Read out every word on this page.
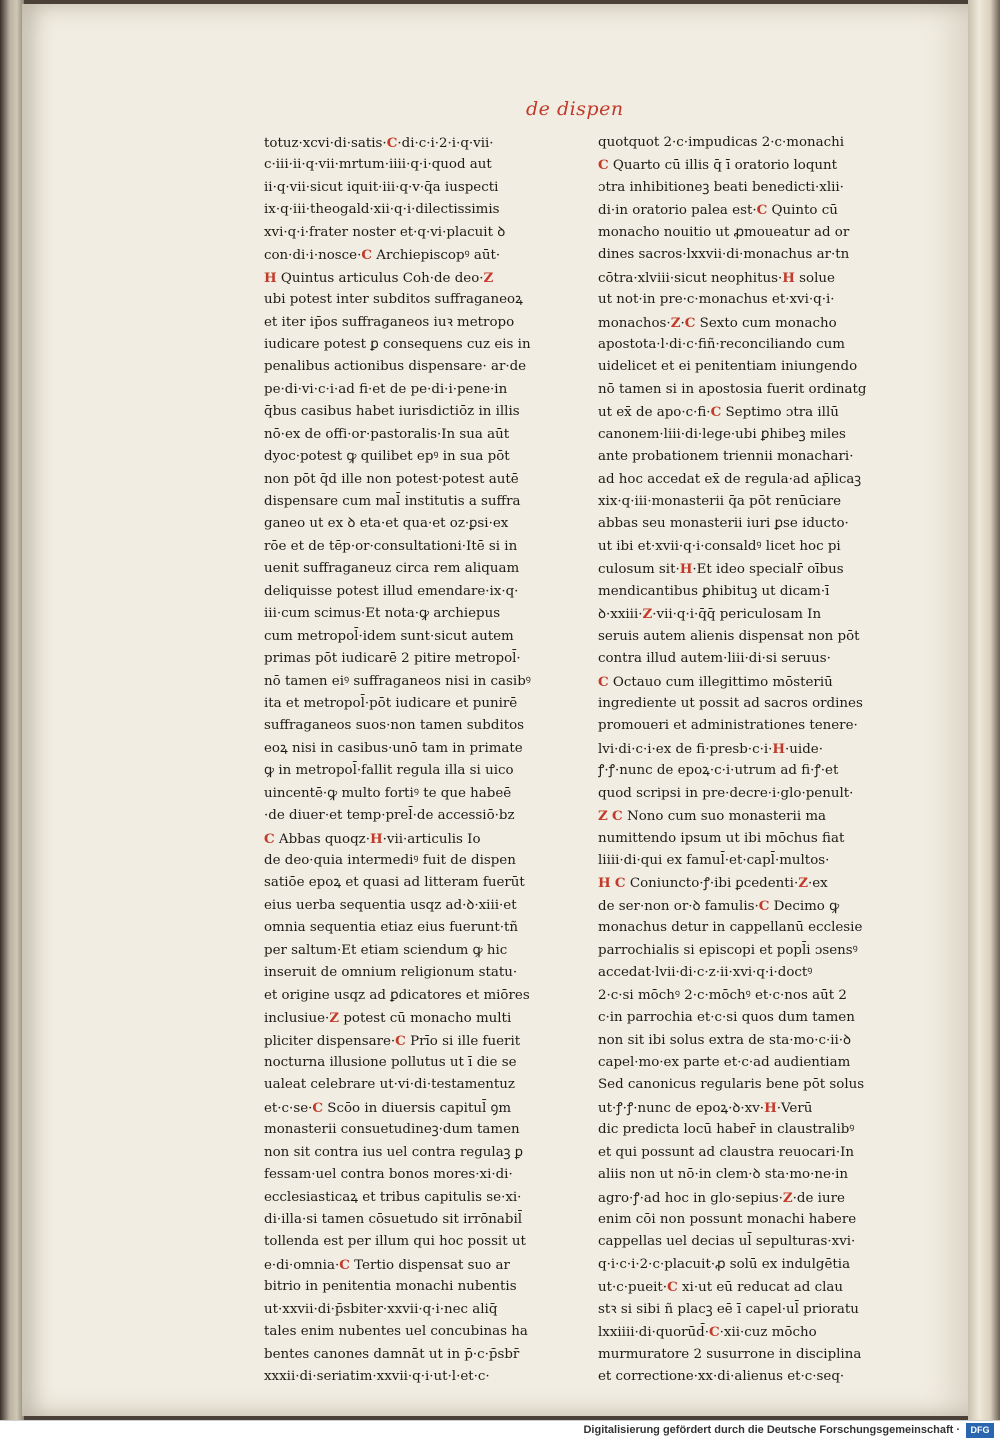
de dispen
totuz·xcvi·di·satis·C·di·c·i·2·i·q·vii·
c·iii·ii·q·vii·mrtum·iiii·q·i·quod aut
ii·q·vii·sicut iquit·iii·q·v·q̄a iuspecti
ix·q·iii·theogald·xii·q·i·dilectissimis
xvi·q·i·frater noster et·q·vi·placuit ꝺ
con·di·i·nosce·C Archiepiscopꝰ aūt·
H Quintus articulus Coh·de deo·Z
ubi potest inter subditos suffraganeoꝝ
et iter ip̄os suffraganeos iuꝛ metropo
iudicare potest ꝑ consequens cuz eis in
penalibus actionibus dispensare· ar·de
pe·di·vi·c·i·ad fi·et de pe·di·i·pene·in
q̄bus casibus habet iurisdictiōz in illis
nō·ex de offi·or·pastoralis·In sua aūt
dyoc·potest ꝙ quilibet epꝰ in sua pōt
non pōt q̄d ille non potest·potest autē
dispensare cum mal̄ institutis a suffra
ganeo ut ex ꝺ eta·et qua·et oz·ꝑsi·ex
rōe et de tēp·or·consultationi·Itē si in
uenit suffraganeuz circa rem aliquam
deliquisse potest illud emendare·ix·q·
iii·cum scimus·Et nota·ꝙ archiepus
cum metropol̄·idem sunt·sicut autem
primas pōt iudicarē 2 pitire metropol̄·
nō tamen eiꝰ suffraganeos nisi in casibꝰ
ita et metropol̄·pōt iudicare et punirē
suffraganeos suos·non tamen subditos
eoꝝ nisi in casibus·unō tam in primate
ꝙ in metropol̄·fallit regula illa si uico
uincentē·ꝙ multo fortiꝰ te que habeē
·de diuer·et temp·prel̄·de accessiō·bz
C Abbas quoqz·H·vii·articulis Io
de deo·quia intermediꝰ fuit de dispen
satiōe epoꝝ et quasi ad litteram fuerūt
eius uerba sequentia usqz ad·ꝺ·xiii·et
omnia sequentia etiaz eius fuerunt·tñ
per saltum·Et etiam sciendum ꝙ hic
inseruit de omnium religionum statu·
et origine usqz ad ꝑdicatores et miōres
inclusiue·Z potest cū monacho multi
pliciter dispensare·C Prīo si ille fuerit
nocturna illusione pollutus ut ī die se
ualeat celebrare ut·vi·di·testamentuz
et·c·se·C Scōo in diuersis capitul̄ ꝯm
monasterii consuetudineꝫ·dum tamen
non sit contra ius uel contra regulaꝫ ꝑ
fessam·uel contra bonos mores·xi·di·
ecclesiasticaꝝ et tribus capitulis se·xi·
di·illa·si tamen cōsuetudo sit irrōnabil̄
tollenda est per illum qui hoc possit ut
e·di·omnia·C Tertio dispensat suo ar
bitrio in penitentia monachi nubentis
ut·xxvii·di·p̄sbiter·xxvii·q·i·nec aliq̄
tales enim nubentes uel concubinas ha
bentes canones damnāt ut in p̄·c·p̄sbr̄
xxxii·di·seriatim·xxvii·q·i·ut·l·et·c·
quotquot 2·c·impudicas 2·c·monachi
C Quarto cū illis q̄ ī oratorio loqunt
ɔtra inhibitioneꝫ beati benedicti·xlii·
di·in oratorio palea est·C Quinto cū
monacho nouitio ut ꝓmoueatur ad or
dines sacros·lxxvii·di·monachus ar·tn
cōtra·xlviii·sicut neophitus·H solue
ut not·in pre·c·monachus et·xvi·q·i·
monachos·Z·C Sexto cum monacho
apostota·l·di·c·fiñ·reconciliando cum
uidelicet et ei penitentiam iniungendo
nō tamen si in apostosia fuerit ordinatg
ut ex̄ de apo·c·fi·C Septimo ɔtra illū
canonem·liii·di·lege·ubi ꝑhibeꝫ miles
ante probationem triennii monachari·
ad hoc accedat ex̄ de regula·ad ap̄licaꝫ
xix·q·iii·monasterii q̄a pōt renūciare
abbas seu monasterii iuri ꝑse iducto·
ut ibi et·xvii·q·i·consaldꝰ licet hoc pi
culosum sit·H·Et ideo specialr̄ oībus
mendicantibus ꝑhibituꝫ ut dicam·ī
ꝺ·xxiii·Z·vii·q·i·q̄q̄ periculosam In
seruis autem alienis dispensat non pōt
contra illud autem·liii·di·si seruus·
C Octauo cum illegittimo mōsteriū
ingrediente ut possit ad sacros ordines
promoueri et administrationes tenere·
lvi·di·c·i·ex de fi·presb·c·i·H·uide·
ꝭ·ꝭ·nunc de epoꝝ·c·i·utrum ad fi·ꝭ·et
quod scripsi in pre·decre·i·glo·penult·
Z C Nono cum suo monasterii ma
numittendo ipsum ut ibi mōchus fiat
liiii·di·qui ex famul̄·et·capl̄·multos·
H C Coniuncto·ꝭ·ibi ꝑcedenti·Z·ex
de ser·non or·ꝺ famulis·C Decimo ꝙ
monachus detur in cappellanū ecclesie
parrochialis si episcopi et popl̄i ɔsensꝰ
accedat·lvii·di·c·z·ii·xvi·q·i·doctꝰ
2·c·si mōchꝰ 2·c·mōchꝰ et·c·nos aūt 2
c·in parrochia et·c·si quos dum tamen
non sit ibi solus extra de sta·mo·c·ii·ꝺ
capel·mo·ex parte et·c·ad audientiam
Sed canonicus regularis bene pōt solus
ut·ꝭ·ꝭ·nunc de epoꝝ·ꝺ·xv·H·Verū
dic predicta locū haber̄ in claustralibꝰ
et qui possunt ad claustra reuocari·In
aliis non ut nō·in clem·ꝺ sta·mo·ne·in
agro·ꝭ·ad hoc in glo·sepius·Z·de iure
enim cōi non possunt monachi habere
cappellas uel decias ul̄ sepulturas·xvi·
q·i·c·i·2·c·placuit·ꝓ solū ex indulgētia
ut·c·pueit·C xi·ut eū reducat ad clau
stꝛ si sibi ñ placꝫ eē ī capel·ul̄ prioratu
lxxiiii·di·quorūd̄·C·xii·cuz mōcho
murmuratore 2 susurrone in disciplina
et correctione·xx·di·alienus et·c·seq·
Digitalisierung gefördert durch die Deutsche Forschungsgemeinschaft ·	DFG
